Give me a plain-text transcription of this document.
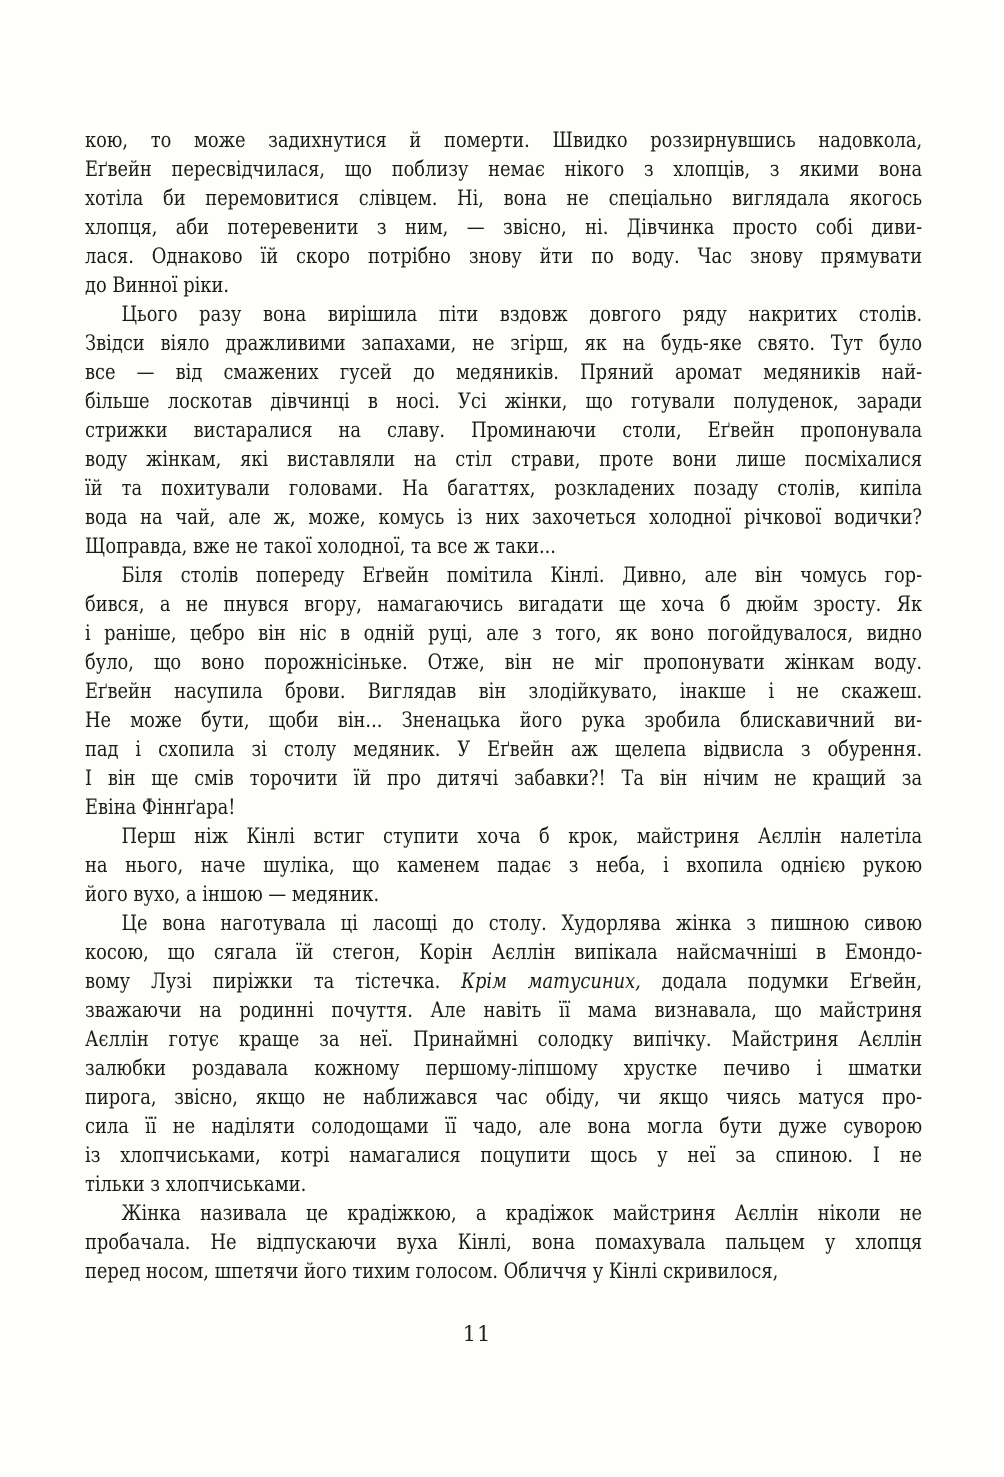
кою, то може задихнутися й померти. Швидко роззирнувшись надовкола,
Еґвейн пересвідчилася, що поблизу немає нікого з хлопців, з якими вона
хотіла би перемовитися слівцем. Ні, вона не спеціально виглядала якогось
хлопця, аби потеревенити з ним, — звісно, ні. Дівчинка просто собі диви-
лася. Однаково їй скоро потрібно знову йти по воду. Час знову прямувати
до Винної ріки.
Цього разу вона вирішила піти вздовж довгого ряду накритих столів.
Звідси віяло дражливими запахами, не згірш, як на будь-яке свято. Тут було
все — від смажених гусей до медяників. Пряний аромат медяників най-
більше лоскотав дівчинці в носі. Усі жінки, що готували полуденок, заради
стрижки вистаралися на славу. Проминаючи столи, Еґвейн пропонувала
воду жінкам, які виставляли на стіл страви, проте вони лише посміхалися
їй та похитували головами. На багаттях, розкладених позаду столів, кипіла
вода на чай, але ж, може, комусь із них захочеться холодної річкової водички?
Щоправда, вже не такої холодної, та все ж таки...
Біля столів попереду Еґвейн помітила Кінлі. Дивно, але він чомусь гор-
бився, а не пнувся вгору, намагаючись вигадати ще хоча б дюйм зросту. Як
і раніше, цебро він ніс в одній руці, але з того, як воно погойдувалося, видно
було, що воно порожнісіньке. Отже, він не міг пропонувати жінкам воду.
Еґвейн насупила брови. Виглядав він злодійкувато, інакше і не скажеш.
Не може бути, щоби він... Зненацька його рука зробила блискавичний ви-
пад і схопила зі столу медяник. У Еґвейн аж щелепа відвисла з обурення.
І він ще смів торочити їй про дитячі забавки?! Та він нічим не кращий за
Евіна Фіннґара!
Перш ніж Кінлі встиг ступити хоча б крок, майстриня Аєллін налетіла
на нього, наче шуліка, що каменем падає з неба, і вхопила однією рукою
його вухо, а іншою — медяник.
Це вона наготувала ці ласощі до столу. Худорлява жінка з пишною сивою
косою, що сягала їй стегон, Корін Аєллін випікала найсмачніші в Емондо-
вому Лузі пиріжки та тістечка. Крім матусиних, додала подумки Еґвейн,
зважаючи на родинні почуття. Але навіть її мама визнавала, що майстриня
Аєллін готує краще за неї. Принаймні солодку випічку. Майстриня Аєллін
залюбки роздавала кожному першому-ліпшому хрустке печиво і шматки
пирога, звісно, якщо не наближався час обіду, чи якщо чиясь матуся про-
сила її не наділяти солодощами її чадо, але вона могла бути дуже суворою
із хлопчиськами, котрі намагалися поцупити щось у неї за спиною. І не
тільки з хлопчиськами.
Жінка називала це крадіжкою, а крадіжок майстриня Аєллін ніколи не
пробачала. Не відпускаючи вуха Кінлі, вона помахувала пальцем у хлопця
перед носом, шпетячи його тихим голосом. Обличчя у Кінлі скривилося,
11
